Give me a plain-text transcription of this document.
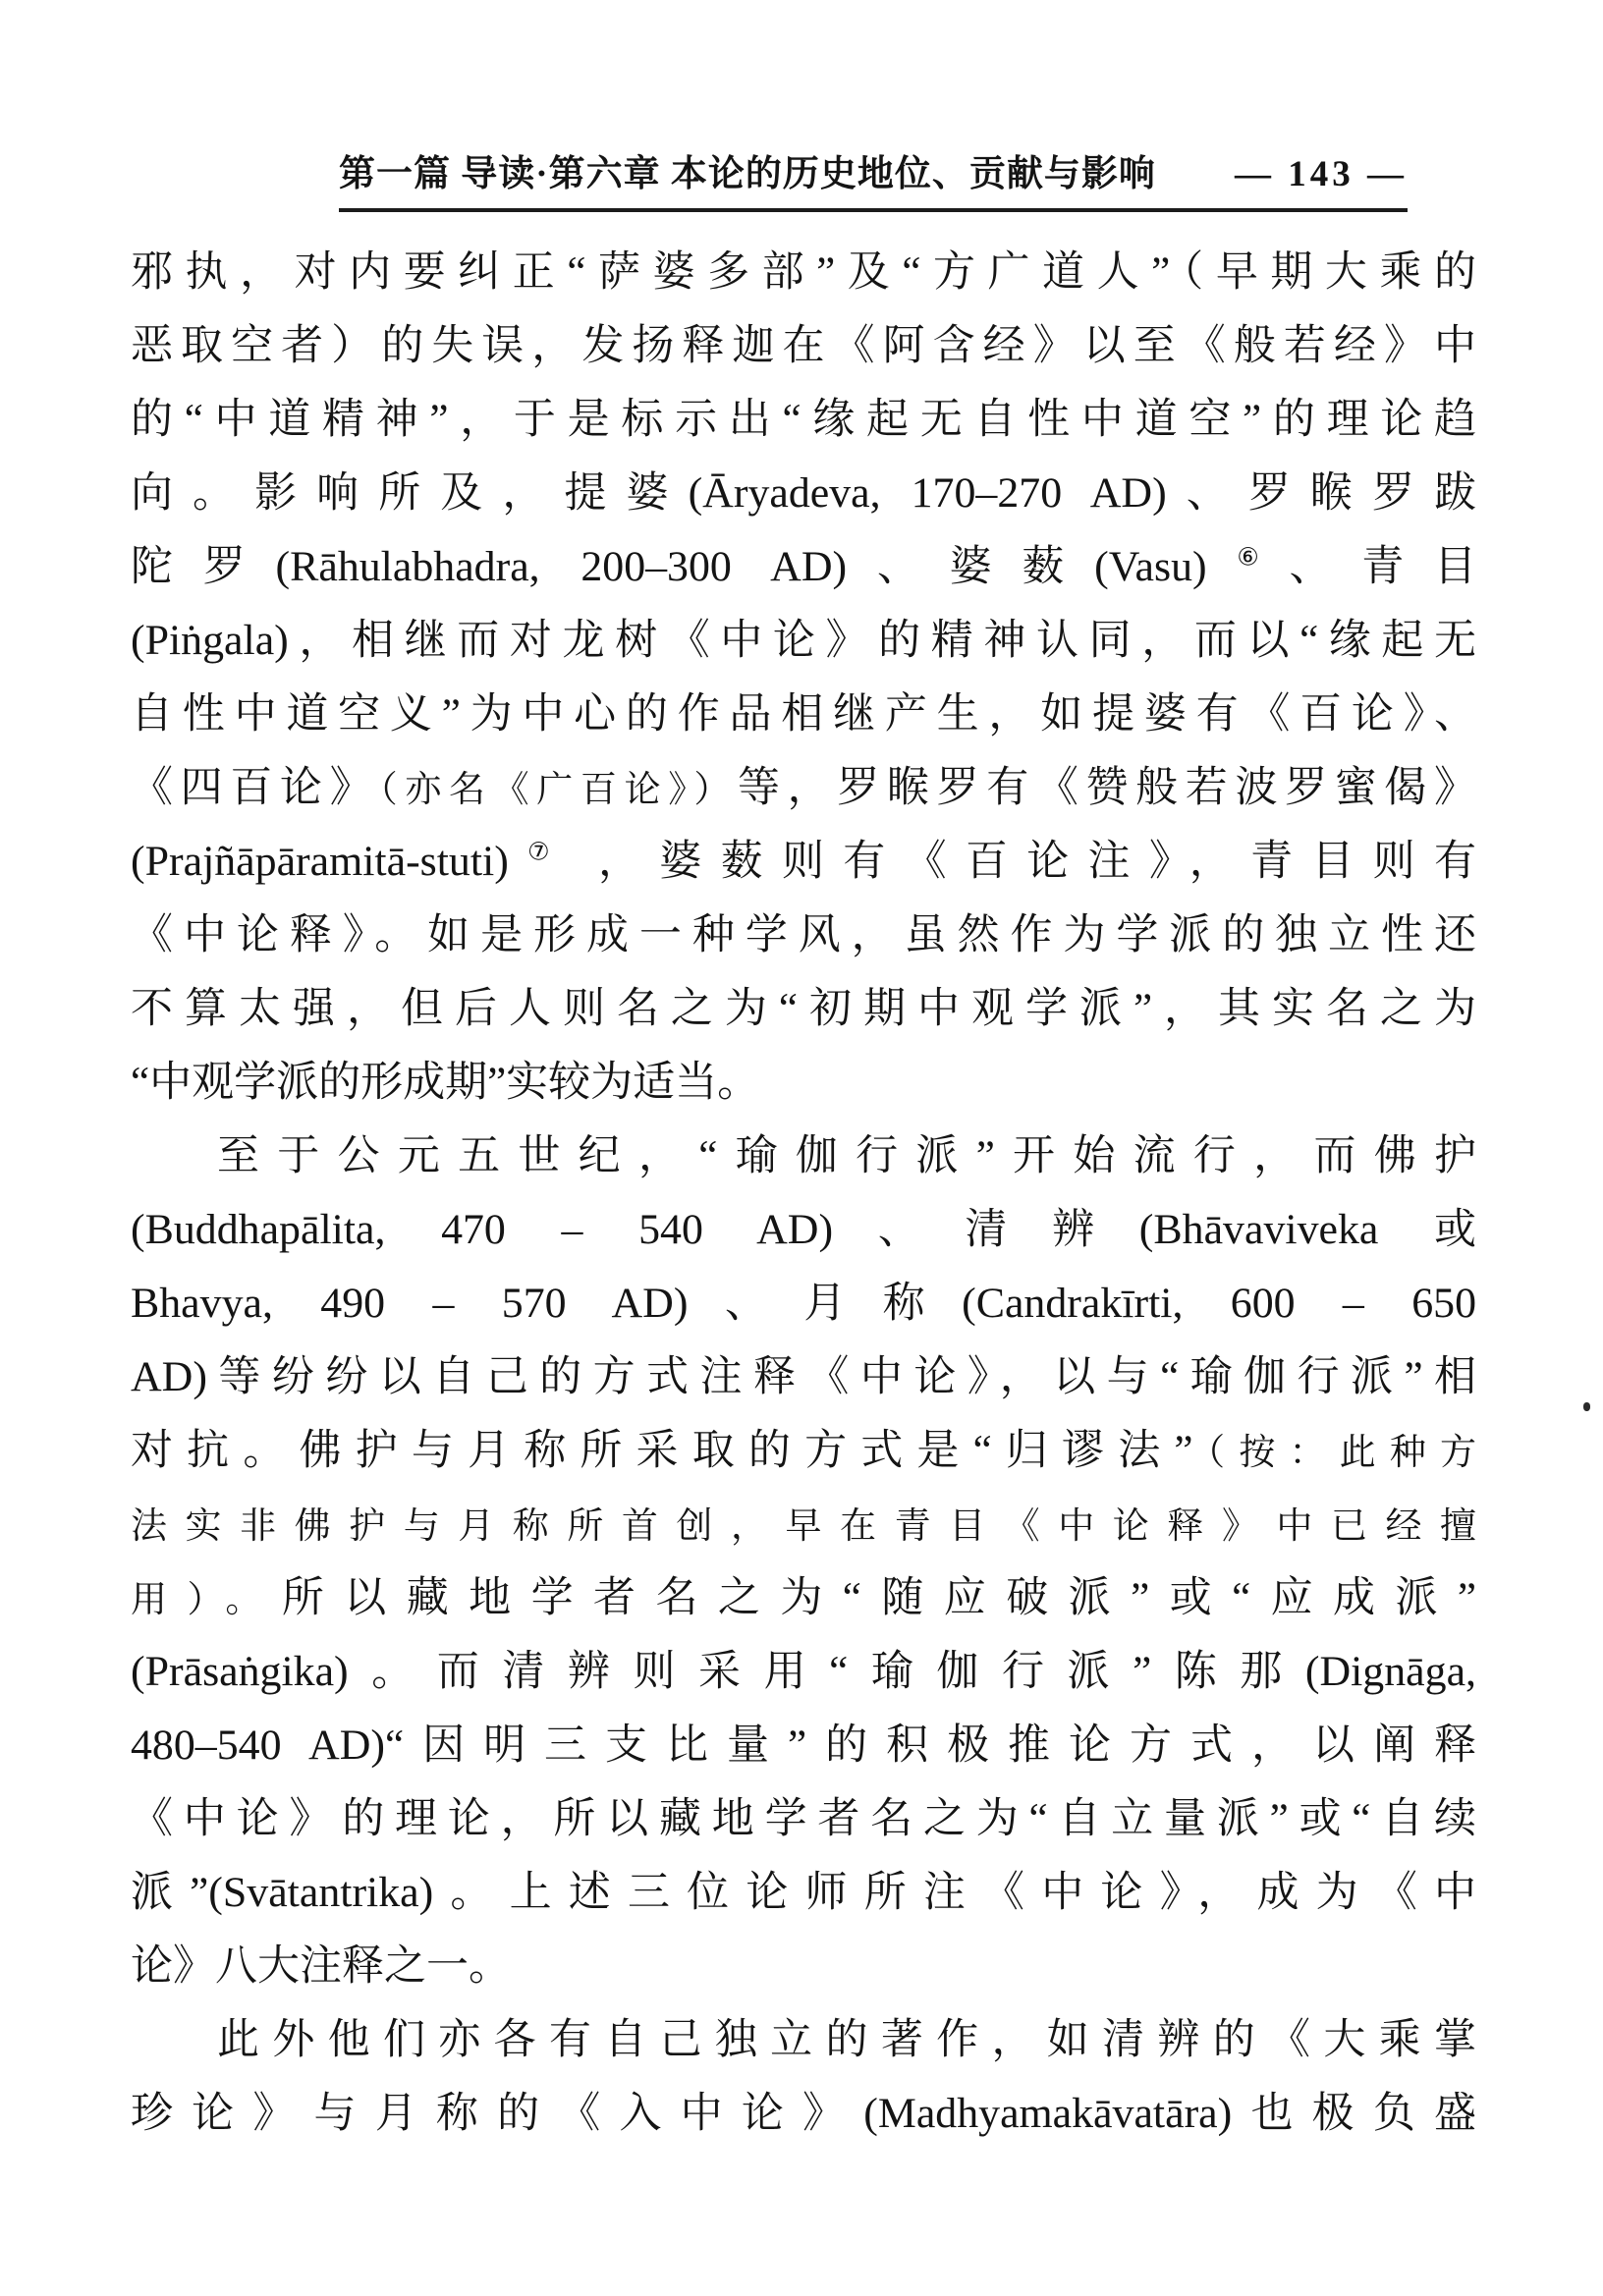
第一篇 导读·第六章 本论的历史地位、贡献与影响 — 143 —
邪执，对内要纠正“萨婆多部”及“方广道人”（早期大乘的
恶取空者）的失误，发扬释迦在《阿含经》以至《般若经》中
的“中道精神”，于是标示出“缘起无自性中道空”的理论趋
向。影响所及，提婆(Āryadeva, 170–270 AD)、罗睺罗跋
陀罗(Rāhulabhadra, 200–300 AD)、婆薮(Vasu)⑥、青目
(Piṅgala)，相继而对龙树《中论》的精神认同，而以“缘起无
自性中道空义”为中心的作品相继产生，如提婆有《百论》、
《四百论》（亦名《广百论》）等，罗睺罗有《赞般若波罗蜜偈》
(Prajñāpāramitā-stuti)⑦ ，婆薮则有《百论注》，青目则有
《中论释》。如是形成一种学风，虽然作为学派的独立性还
不算太强，但后人则名之为“初期中观学派”，其实名之为
“中观学派的形成期”实较为适当。
至于公元五世纪，“瑜伽行派”开始流行，而佛护
(Buddhapālita, 470 – 540 AD)、清辨(Bhāvaviveka 或
Bhavya, 490 – 570 AD)、月称(Candrakīrti, 600 – 650
AD)等纷纷以自己的方式注释《中论》，以与“瑜伽行派”相
对抗。佛护与月称所采取的方式是“归谬法”（按：此种方
法实非佛护与月称所首创，早在青目《中论释》中已经擅
用）。所以藏地学者名之为“随应破派”或“应成派”
(Prāsaṅgika)。而清辨则采用“瑜伽行派”陈那(Dignāga,
480–540 AD)“因明三支比量”的积极推论方式，以阐释
《中论》的理论，所以藏地学者名之为“自立量派”或“自续
派”(Svātantrika)。上述三位论师所注《中论》，成为《中
论》八大注释之一。
此外他们亦各有自己独立的著作，如清辨的《大乘掌
珍论》与月称的《入中论》(Madhyamakāvatāra)也极负盛
